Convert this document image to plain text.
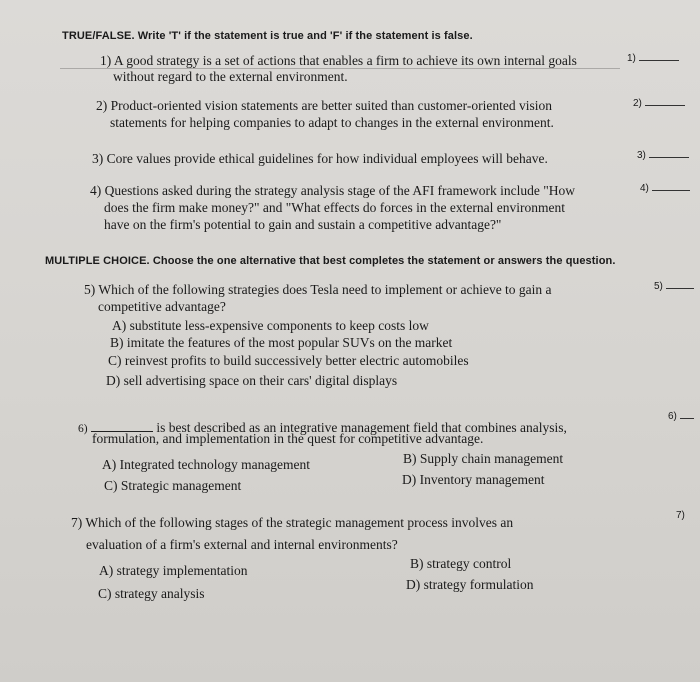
TRUE/FALSE. Write 'T' if the statement is true and 'F' if the statement is false.
1) A good strategy is a set of actions that enables a firm to achieve its own internal goals
without regard to the external environment.
1)
2) Product-oriented vision statements are better suited than customer-oriented vision
statements for helping companies to adapt to changes in the external environment.
2)
3) Core values provide ethical guidelines for how individual employees will behave.	3)
4) Questions asked during the strategy analysis stage of the AFI framework include "How
does the firm make money?" and "What effects do forces in the external environment
have on the firm's potential to gain and sustain a competitive advantage?"
4)
MULTIPLE CHOICE. Choose the one alternative that best completes the statement or answers the question.
5) Which of the following strategies does Tesla need to implement or achieve to gain a
competitive advantage?
A) substitute less-expensive components to keep costs low
B) imitate the features of the most popular SUVs on the market
C) reinvest profits to build successively better electric automobiles
D) sell advertising space on their cars' digital displays
5)
6)	is best described as an integrative management field that combines analysis,
formulation, and implementation in the quest for competitive advantage.
A) Integrated technology management	B) Supply chain management
C) Strategic management	D) Inventory management
6)
7) Which of the following stages of the strategic management process involves an
evaluation of a firm's external and internal environments?
A) strategy implementation	B) strategy control
C) strategy analysis
D) strategy formulation
7)
